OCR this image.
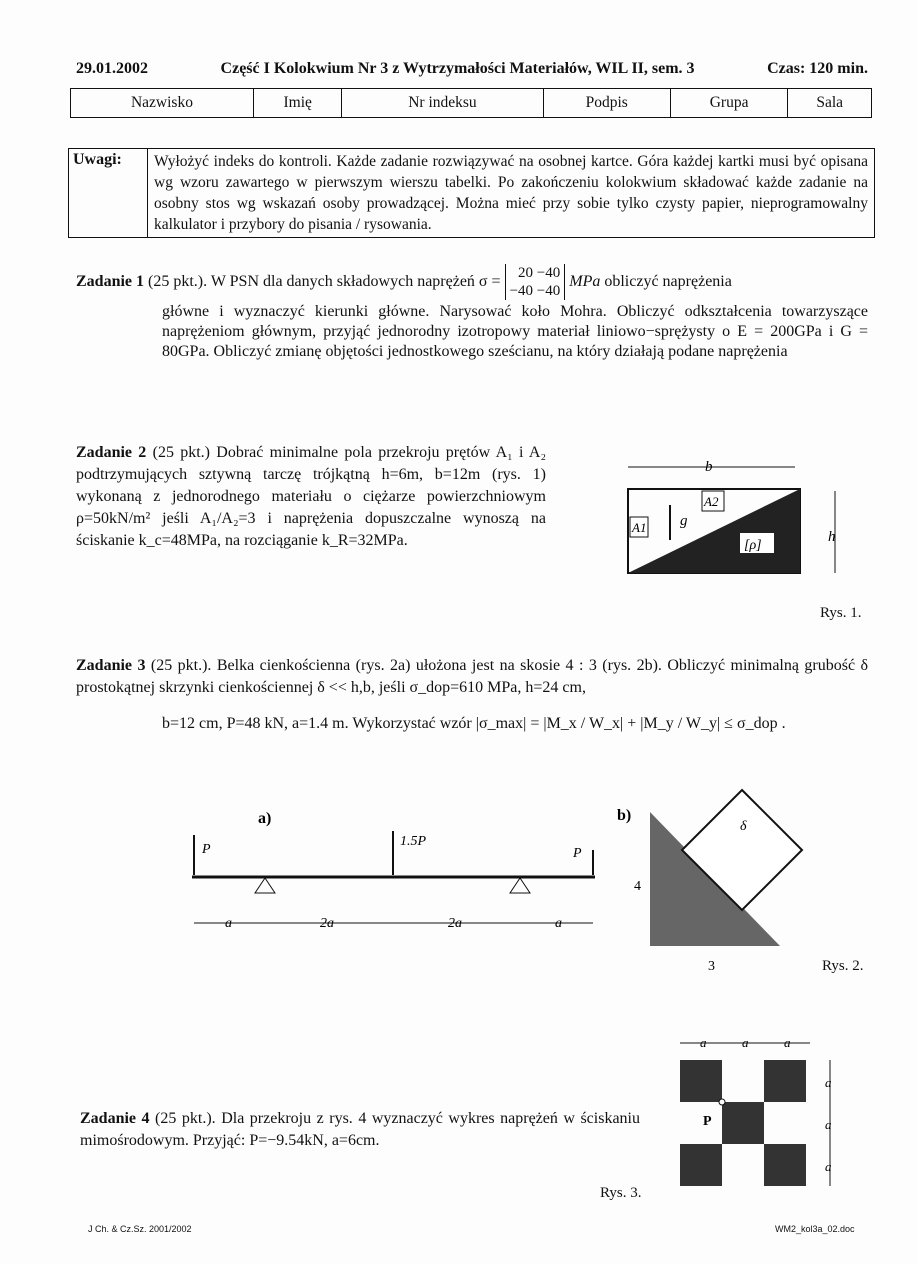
29.01.2002	Część I Kolokwium Nr 3 z Wytrzymałości Materiałów, WIL II, sem. 3	Czas: 120 min.
Nazwisko	Imię	Nr indeksu	Podpis	Grupa	Sala
Uwagi:	Wyłożyć indeks do kontroli. Każde zadanie rozwiązywać na osobnej kartce. Góra każdej kartki musi być opisana wg wzoru zawartego w pierwszym wierszu tabelki. Po zakończeniu kolokwium składować każde zadanie na osobny stos wg wskazań osoby prowadzącej. Można mieć przy sobie tylko czysty papier, nieprogramowalny kalkulator i przybory do pisania / rysowania.
Zadanie 1 (25 pkt.). W PSN dla danych składowych naprężeń σ = 20 −40
−40 −40 MPa obliczyć naprężenia
główne i wyznaczyć kierunki główne. Narysować koło Mohra. Obliczyć odkształcenia towarzyszące naprężeniom głównym, przyjąć jednorodny izotropowy materiał liniowo−sprężysty o E = 200GPa i G = 80GPa. Obliczyć zmianę objętości jednostkowego sześcianu, na który działają podane naprężenia
Zadanie 2 (25 pkt.) Dobrać minimalne pola przekroju prętów A₁ i A₂ podtrzymujących sztywną tarczę trójkątną h=6m, b=12m (rys. 1) wykonaną z jednorodnego materiału o ciężarze powierzchniowym ρ=50kN/m² jeśli A₁/A₂=3 i naprężenia dopuszczalne wynoszą na ściskanie k_c=48MPa, na rozciąganie k_R=32MPa.
b
A1
A2
g
[ρ]
h
Rys. 1.
Zadanie 3 (25 pkt.). Belka cienkościenna (rys. 2a) ułożona jest na skosie 4 : 3 (rys. 2b). Obliczyć minimalną grubość δ prostokątnej skrzynki cienkościennej δ << h,b, jeśli σ_dop=610 MPa, h=24 cm,
b=12 cm, P=48 kN, a=1.4 m. Wykorzystać wzór |σ_max| = |M_x / W_x| + |M_y / W_y| ≤ σ_dop .
a)
P
1.5P
P
a	2a	2a	a
b)
δ
4
3	Rys. 2.
Zadanie 4 (25 pkt.). Dla przekroju z rys. 4 wyznaczyć wykres naprężeń w ściskaniu mimośrodowym. Przyjąć: P=−9.54kN, a=6cm.
a	a	a
P
a
a
a
Rys. 3.
J Ch. & Cz.Sz. 2001/2002	WM2_kol3a_02.doc
